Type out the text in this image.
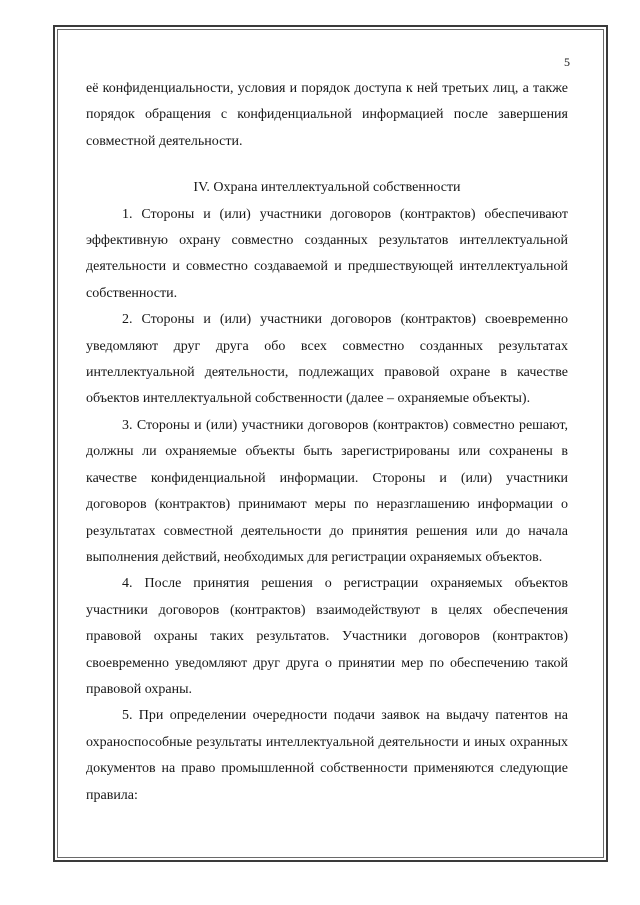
5

её конфиденциальности, условия и порядок доступа к ней третьих лиц, а также порядок обращения с конфиденциальной информацией после завершения совместной деятельности.

IV. Охрана интеллектуальной собственности

1. Стороны и (или) участники договоров (контрактов) обеспечивают эффективную охрану совместно созданных результатов интеллектуальной деятельности и совместно создаваемой и предшествующей интеллектуальной собственности.

2. Стороны и (или) участники договоров (контрактов) своевременно уведомляют друг друга обо всех совместно созданных результатах интеллектуальной деятельности, подлежащих правовой охране в качестве объектов интеллектуальной собственности (далее – охраняемые объекты).

3. Стороны и (или) участники договоров (контрактов) совместно решают, должны ли охраняемые объекты быть зарегистрированы или сохранены в качестве конфиденциальной информации. Стороны и (или) участники договоров (контрактов) принимают меры по неразглашению информации о результатах совместной деятельности до принятия решения или до начала выполнения действий, необходимых для регистрации охраняемых объектов.

4. После принятия решения о регистрации охраняемых объектов участники договоров (контрактов) взаимодействуют в целях обеспечения правовой охраны таких результатов. Участники договоров (контрактов) своевременно уведомляют друг друга о принятии мер по обеспечению такой правовой охраны.

5. При определении очередности подачи заявок на выдачу патентов на охраноспособные результаты интеллектуальной деятельности и иных охранных документов на право промышленной собственности применяются следующие правила:
